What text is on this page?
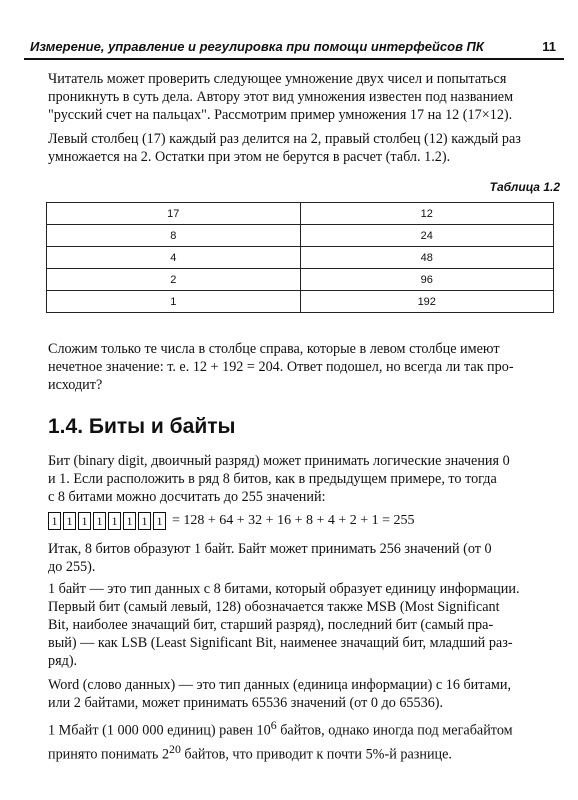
Измерение, управление и регулировка при помощи интерфейсов ПК	11
Читатель может проверить следующее умножение двух чисел и попытаться
проникнуть в суть дела. Автору этот вид умножения известен под названием
"русский счет на пальцах". Рассмотрим пример умножения 17 на 12 (17×12).
Левый столбец (17) каждый раз делится на 2, правый столбец (12) каждый раз
умножается на 2. Остатки при этом не берутся в расчет (табл. 1.2).
Таблица 1.2
17	12
8	24
4	48
2	96
1	192
Сложим только те числа в столбце справа, которые в левом столбце имеют
нечетное значение: т. е. 12 + 192 = 204. Ответ подошел, но всегда ли так про-
исходит?
1.4. Биты и байты
Бит (binary digit, двоичный разряд) может принимать логические значения 0
и 1. Если расположить в ряд 8 битов, как в предыдущем примере, то тогда
с 8 битами можно досчитать до 255 значений:
1 1 1 1 1 1 1 1 = 128 + 64 + 32 + 16 + 8 + 4 + 2 + 1 = 255
Итак, 8 битов образуют 1 байт. Байт может принимать 256 значений (от 0
до 255).
1 байт — это тип данных с 8 битами, который образует единицу информации.
Первый бит (самый левый, 128) обозначается также MSB (Most Significant
Bit, наиболее значащий бит, старший разряд), последний бит (самый пра-
вый) — как LSB (Least Significant Bit, наименее значащий бит, младший раз-
ряд).
Word (слово данных) — это тип данных (единица информации) с 16 битами,
или 2 байтами, может принимать 65536 значений (от 0 до 65536).
1 Мбайт (1 000 000 единиц) равен $10^6$ байтов, однако иногда под мегабайтом
принято понимать $2^{20}$ байтов, что приводит к почти 5%-й разнице.
